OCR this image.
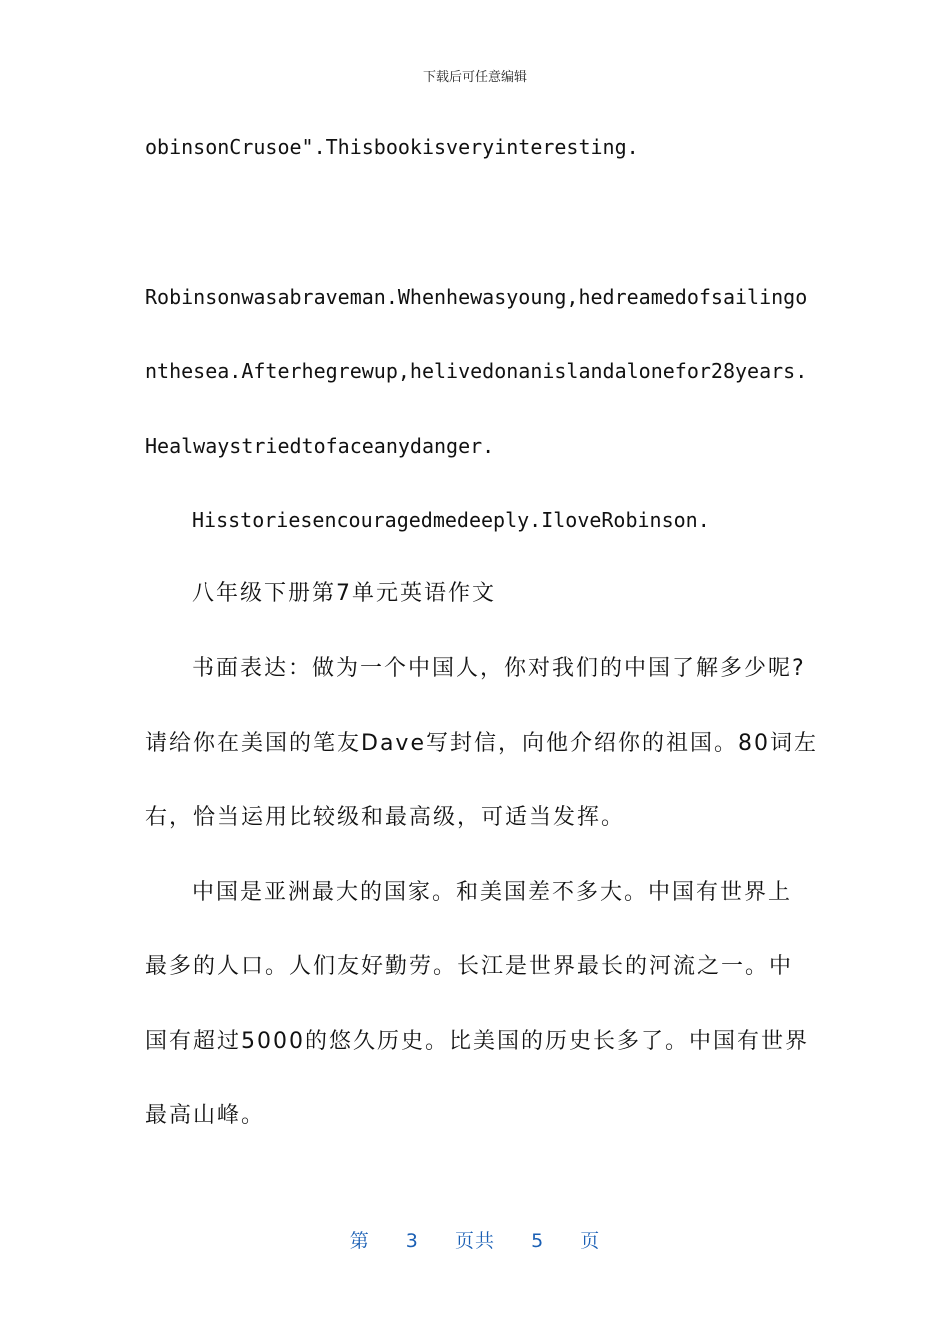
下载后可任意编辑
obinsonCrusoe".Thisbookisveryinteresting.
Robinsonwasabraveman.Whenhewasyoung,hedreamedofsailingo
nthesea.Afterhegrewup,helivedonanislandalonefor28years.
Healwaystriedtofaceanydanger.
Hisstoriesencouragedmedeeply.IloveRobinson.
八年级下册第7单元英语作文
书面表达：做为一个中国人，你对我们的中国了解多少呢?
请给你在美国的笔友Dave写封信，向他介绍你的祖国。80词左
右，恰当运用比较级和最高级，可适当发挥。
中国是亚洲最大的国家。和美国差不多大。中国有世界上
最多的人口。人们友好勤劳。长江是世界最长的河流之一。中
国有超过5000的悠久历史。比美国的历史长多了。中国有世界
最高山峰。
第 3 页共 5 页
